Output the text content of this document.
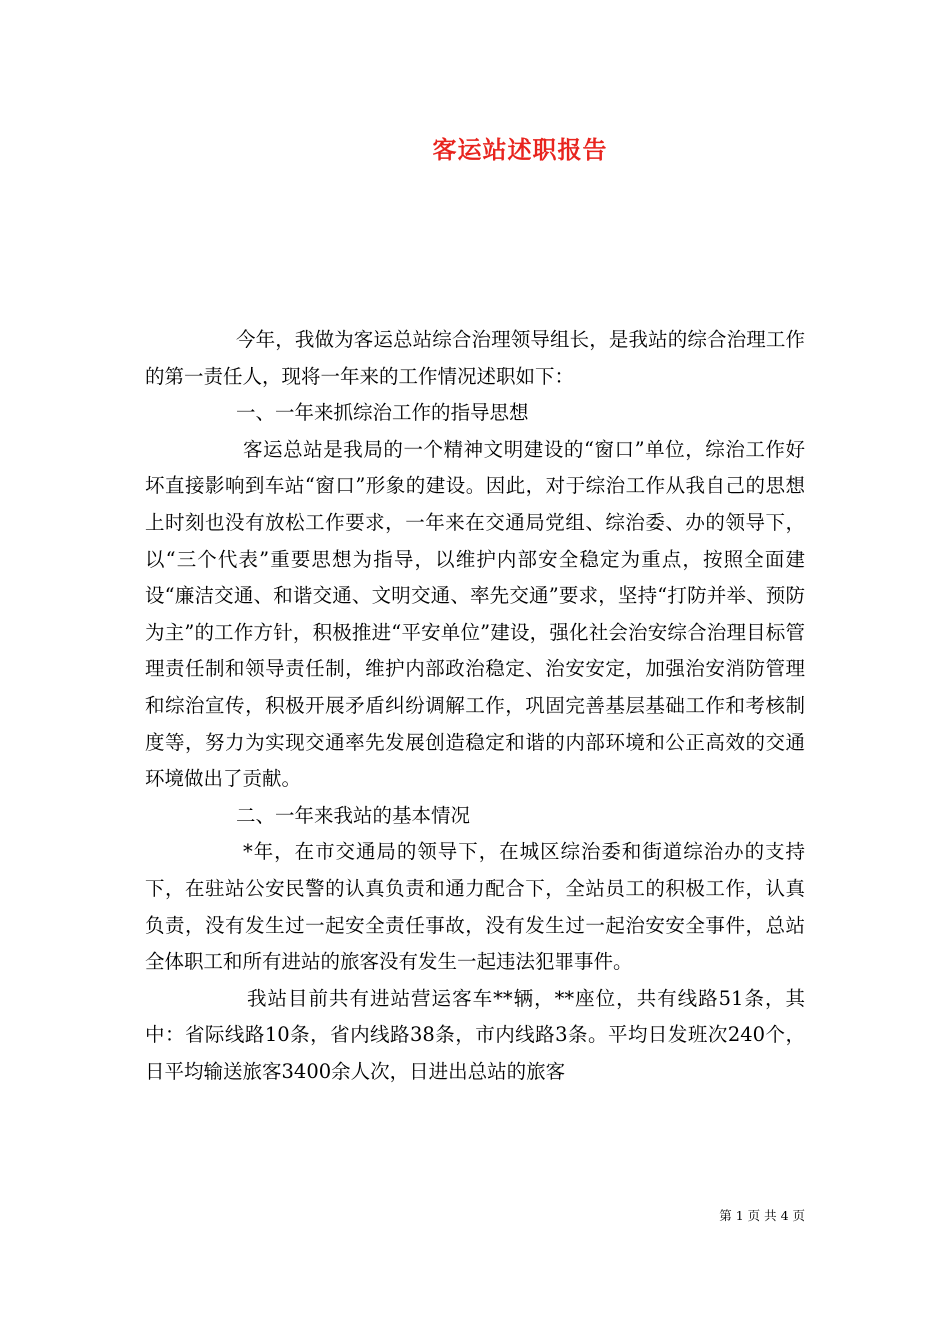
客运站述职报告

今年，我做为客运总站综合治理领导组长，是我站的综合治理工作的第一责任人，现将一年来的工作情况述职如下：

一、一年来抓综治工作的指导思想

客运总站是我局的一个精神文明建设的“窗口”单位，综治工作好坏直接影响到车站“窗口”形象的建设。因此，对于综治工作从我自己的思想上时刻也没有放松工作要求，一年来在交通局党组、综治委、办的领导下，以“三个代表”重要思想为指导，以维护内部安全稳定为重点，按照全面建设“廉洁交通、和谐交通、文明交通、率先交通”要求，坚持“打防并举、预防为主”的工作方针，积极推进“平安单位”建设，强化社会治安综合治理目标管理责任制和领导责任制，维护内部政治稳定、治安安定，加强治安消防管理和综治宣传，积极开展矛盾纠纷调解工作，巩固完善基层基础工作和考核制度等，努力为实现交通率先发展创造稳定和谐的内部环境和公正高效的交通环境做出了贡献。

二、一年来我站的基本情况

*年，在市交通局的领导下，在城区综治委和街道综治办的支持下，在驻站公安民警的认真负责和通力配合下，全站员工的积极工作，认真负责，没有发生过一起安全责任事故，没有发生过一起治安安全事件，总站全体职工和所有进站的旅客没有发生一起违法犯罪事件。

我站目前共有进站营运客车**辆，**座位，共有线路51条，其中：省际线路10条，省内线路38条，市内线路3条。平均日发班次240个，日平均输送旅客3400余人次，日进出总站的旅客

第 1 页 共 4 页
